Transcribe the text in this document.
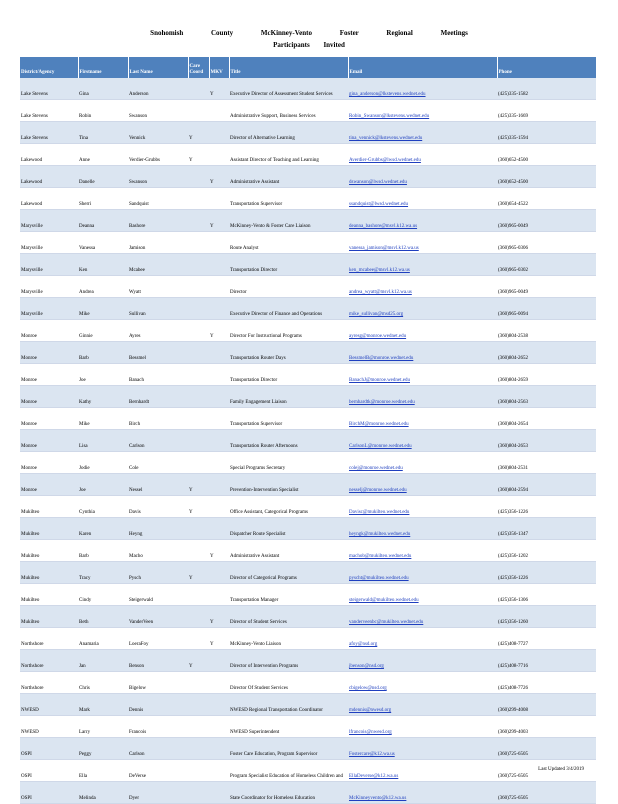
Snohomish County McKinney-Vento Foster Regional Meetings
Participants Invited
District/Agency	Firstname	Last Name	Care Coord	MKV	Title	Email	Phone
Lake Stevens	Gina	Anderson		Y	Executive Director of Assessment Student Services	gina_anderson@lkstevens.wednet.edu	(425)335-1582
Lake Stevens	Robin	Swanson			Administrative Support, Business Services	Robin_Swanson@lkstevens.wednet.edu	(425)335-1669
Lake Stevens	Tina	Vennick	Y		Director of Alternative Learning	tina_vennick@lkstevens.wednet.edu	(425)335-1594
Lakewood	Anne	Verdier-Grubbs	Y		Assistant Director of Teaching and Learning	Averdier-Grubbs@lwsd.wednet.edu	(360)652-4500
Lakewood	Danelle	Swanson		Y	Administrative Assistant	dswanson@lwsd.wednet.edu	(360)652-4500
Lakewood	Sherri	Sandquist			Transportation Supervisor	ssandquist@lwsd.wednet.edu	(360)654-4522
Marysville	Deanna	Bashore		Y	McKinney-Vento & Foster Care Liaison	deanna_bashore@msvl.k12.wa.us	(360)965-0049
Marysville	Vanessa	Jamison			Route Analyst	vanessa_jamison@msvl.k12.wa.us	(360)965-0306
Marysville	Ken	Mcabee			Transportation Director	ken_mcabee@msvl.k12.wa.us	(360)965-0302
Marysville	Andrea	Wyatt			Director	andrea_wyatt@msvl.k12.wa.us	(360)965-0049
Marysville	Mike	Sullivan			Executive Director of Finance and Operations	mike_sullivan@msd25.org	(360)965-0094
Monroe	Ginnie	Ayres		Y	Director For Instructional Programs	ayresg@monroe.wednet.edu	(360)804-2538
Monroe	Barb	Bessmel			Transportation Router Days	BessmelB@monroe.wednet.edu	(360)804-2652
Monroe	Joe	Banach			Transportation Director	BanachJ@monroe.wednet.edu	(360)804-2659
Monroe	Kathy	Bernhardt			Family Engagement Liaison	bernhardtk@monroe.wednet.edu	(360)804-2563
Monroe	Mike	Birch			Transportation Supervisor	BirchM@monroe.wednet.edu	(360)804-2654
Monroe	Lisa	Carlson			Transportation Router Afternoons	CarlsonL@monroe.wednet.edu	(360)804-2653
Monroe	Jodie	Cole			Special Programs Secretary	colej@monroe.wednet.edu	(360)804-2531
Monroe	Joe	Nessel	Y		Prevention-Intervention Specialist	nesselj@monroe.wednet.edu	(360)804-2594
Mukilteo	Cynthia	Davis	Y		Office Assistant, Categorical Programs	Davisc@mukilteo.wednet.edu	(425)356-1226
Mukilteo	Karen	Heyng			Dispatcher Route Specialist	heyngk@mukilteo.wednet.edu	(425)356-1347
Mukilteo	Barb	Macho		Y	Administrative Assistant	machob@mukilteo.wednet.edu	(425)356-1202
Mukilteo	Tracy	Pysch	Y		Director of Categorical Programs	pyscht@mukilteo.wednet.edu	(425)356-1226
Mukilteo	Cindy	Steigerwald			Transportation Manager	steigerwald@mukilteo.wednet.edu	(425)356-1306
Mukilteo	Beth	VanderVeen		Y	Director of Student Services	vanderveenbc@mukilteo.wednet.edu	(425)356-1260
Northshore	Anamaria	LoeraFoy		Y	McKinney-Vento Liaison	afoy@nsd.org	(425)408-7727
Northshore	Jan	Benson	Y		Director of Intervention Programs	jbenson@nsd.org	(425)408-7716
Northshore	Chris	Bigelow			Director Of Student Services	cbigelow@nsd.org	(425)408-7726
NWESD	Mark	Dennis			NWESD Regional Transportation Coordinator	mdennis@nwesd.org	(360)299-4008
NWESD	Larry	Francois			NWESD Superintendent	lfrancois@nwesd.org	(360)299-4003
OSPI	Peggy	Carlson			Foster Care Education, Program Supervisor	Fostercare@k12.wa.us	(360)725-6505
OSPI	Ella	DeVerse			Program Specialist Education of Homeless Children and	EllaDeverse@k12.wa.us	(360)725-6505
OSPI	Melinda	Dyer			State Coordinator for Homeless Education	McKinneyvento@k12.wa.us	(360)725-6505
Last Updated 3/4/2019
